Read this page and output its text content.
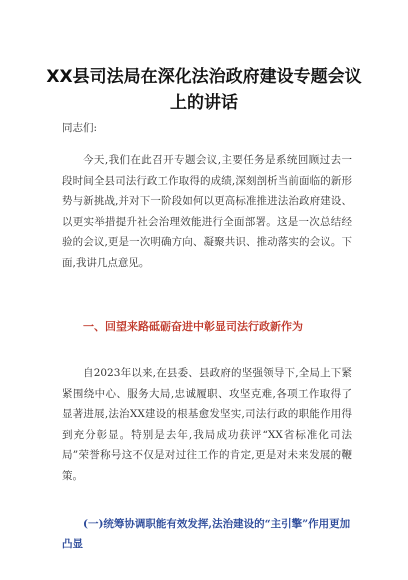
XX县司法局在深化法治政府建设专题会议上的讲话

同志们:

今天,我们在此召开专题会议,主要任务是系统回顾过去一段时间全县司法行政工作取得的成绩,深刻剖析当前面临的新形势与新挑战,并对下一阶段如何以更高标准推进法治政府建设、以更实举措提升社会治理效能进行全面部署。这是一次总结经验的会议,更是一次明确方向、凝聚共识、推动落实的会议。下面,我讲几点意见。

一、回望来路砥砺奋进中彰显司法行政新作为

自2023年以来,在县委、县政府的坚强领导下,全局上下紧紧围绕中心、服务大局,忠诚履职、攻坚克难,各项工作取得了显著进展,法治XX建设的根基愈发坚实,司法行政的职能作用得到充分彰显。特别是去年,我局成功获评“XX省标准化司法局”荣誉称号这不仅是对过往工作的肯定,更是对未来发展的鞭策。

(一)统筹协调职能有效发挥,法治建设的“主引擎”作用更加凸显
